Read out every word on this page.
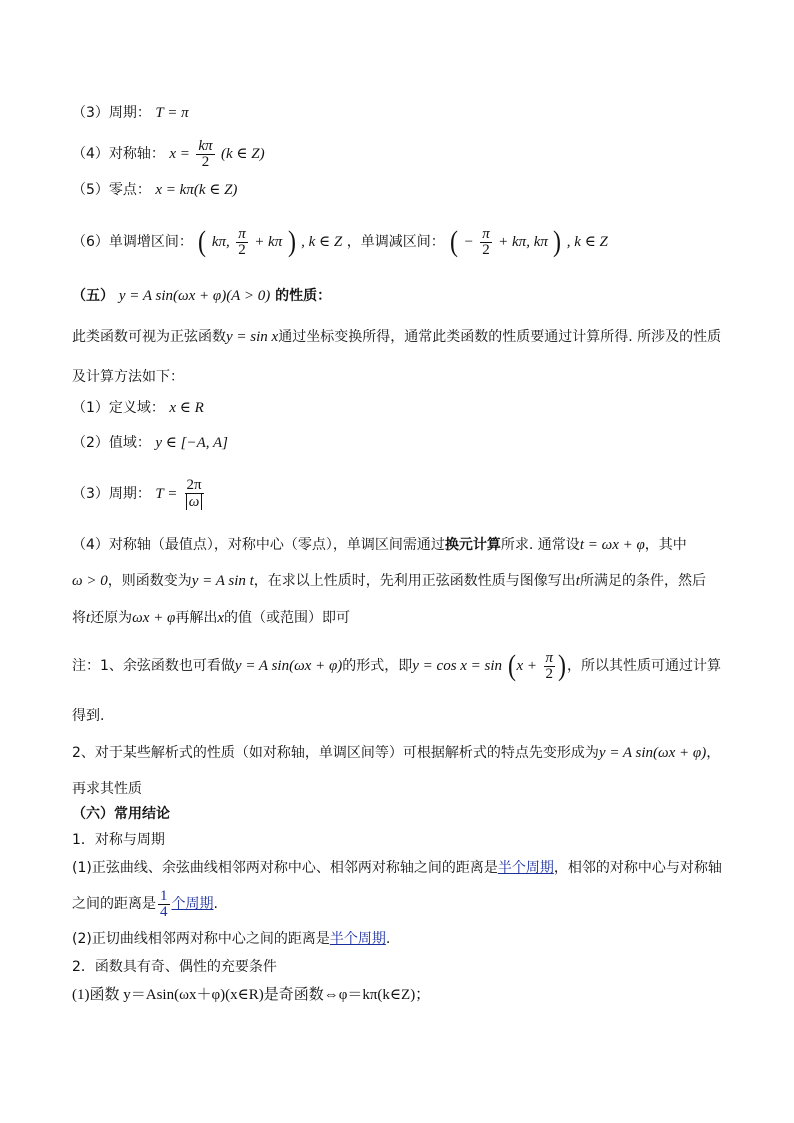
（3）周期： T = π
（4）对称轴： $x = \frac{k\pi}{2} (k$ ∈ Z)
（5）零点： x = kπ(k ∈ Z)
（6）单调增区间： ( kπ, $\frac{\pi}{2} + k\pi$ ) , k ∈ Z ，单调减区间： ( − $\frac{\pi}{2} + k\pi$, kπ ) , k ∈ Z
（五） y = A sin(ωx + φ)(A > 0) 的性质：
此类函数可视为正弦函数y = sin x通过坐标变换所得，通常此类函数的性质要通过计算所得. 所涉及的性质
及计算方法如下：
（1）定义域： x ∈ R
（2）值域： y ∈ [−A, A]
（3）周期： $T = \frac{2\pi}{\omega}$
（4）对称轴（最值点），对称中心（零点），单调区间需通过换元计算所求. 通常设t = ωx + φ，其中
ω > 0，则函数变为y = A sin t，在求以上性质时，先利用正弦函数性质与图像写出t所满足的条件，然后
将t还原为ωx + φ再解出x的值（或范围）即可
注：1、余弦函数也可看做y = A sin(ωx + φ)的形式，即$y = \cos x = \sin (x + \frac{\pi}{2}$ )，所以其性质可通过计算
得到.
2、对于某些解析式的性质（如对称轴，单调区间等）可根据解析式的特点先变形成为y = A sin(ωx + φ)，
再求其性质
（六）常用结论
1．对称与周期
(1)正弦曲线、余弦曲线相邻两对称中心、相邻两对称轴之间的距离是半个周期，相邻的对称中心与对称轴
之间的距离是 $\frac{1}{4}$ 个周期.
(2)正切曲线相邻两对称中心之间的距离是半个周期.
2．函数具有奇、偶性的充要条件
(1)函数 y＝Asin(ωx＋φ)(x∈R)是奇函数⇔φ＝kπ(k∈Z)；
